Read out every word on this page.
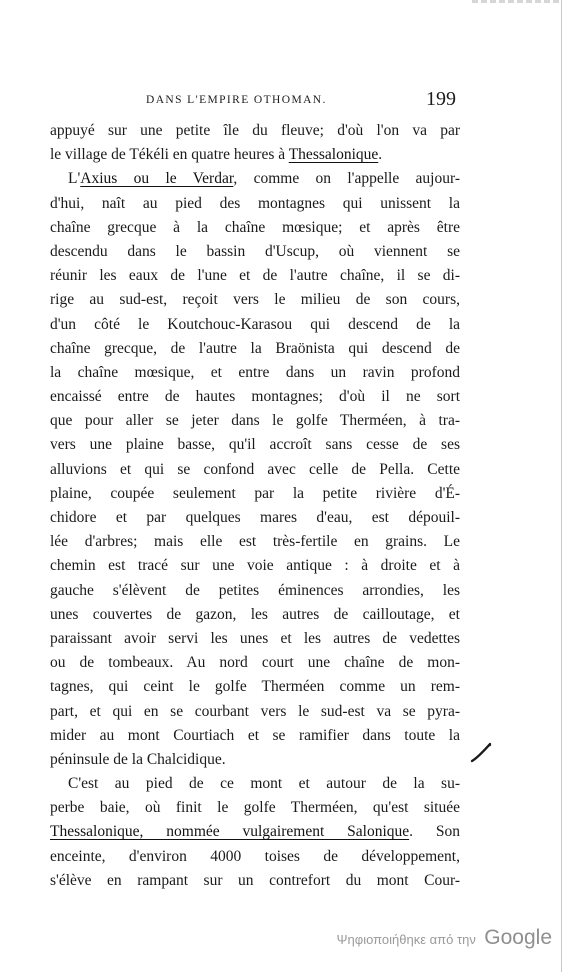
DANS L'EMPIRE OTHOMAN.	199
appuyé sur une petite île du fleuve; d'où l'on va par
le village de Tékéli en quatre heures à Thessalonique.
L'Axius ou le Verdar, comme on l'appelle aujour-
d'hui, naît au pied des montagnes qui unissent la
chaîne grecque à la chaîne mœsique; et après être
descendu dans le bassin d'Uscup, où viennent se
réunir les eaux de l'une et de l'autre chaîne, il se di-
rige au sud-est, reçoit vers le milieu de son cours,
d'un côté le Koutchouc-Karasou qui descend de la
chaîne grecque, de l'autre la Braönista qui descend de
la chaîne mœsique, et entre dans un ravin profond
encaissé entre de hautes montagnes; d'où il ne sort
que pour aller se jeter dans le golfe Therméen, à tra-
vers une plaine basse, qu'il accroît sans cesse de ses
alluvions et qui se confond avec celle de Pella. Cette
plaine, coupée seulement par la petite rivière d'É-
chidore et par quelques mares d'eau, est dépouil-
lée d'arbres; mais elle est très-fertile en grains. Le
chemin est tracé sur une voie antique : à droite et à
gauche s'élèvent de petites éminences arrondies, les
unes couvertes de gazon, les autres de cailloutage, et
paraissant avoir servi les unes et les autres de vedettes
ou de tombeaux. Au nord court une chaîne de mon-
tagnes, qui ceint le golfe Therméen comme un rem-
part, et qui en se courbant vers le sud-est va se pyra-
mider au mont Courtiach et se ramifier dans toute la
péninsule de la Chalcidique.
C'est au pied de ce mont et autour de la su-
perbe baie, où finit le golfe Therméen, qu'est située
Thessalonique, nommée vulgairement Salonique. Son
enceinte, d'environ 4000 toises de développement,
s'élève en rampant sur un contrefort du mont Cour-
Ψηφιοποιήθηκε από την Google
